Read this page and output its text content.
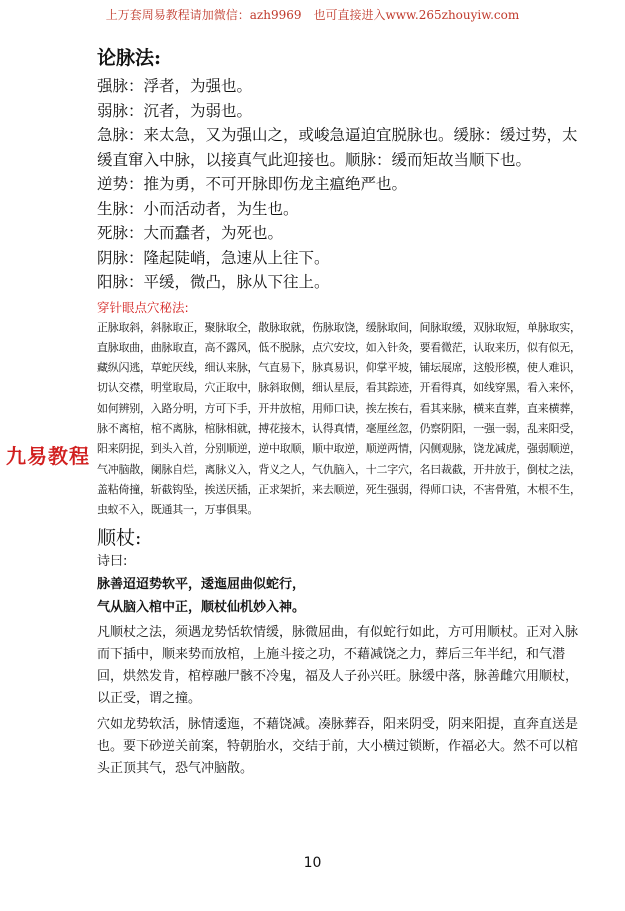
上万套周易教程请加微信：azh9969　也可直接进入www.265zhouyiw.com
论脉法:

强脉：浮者，为强也。

弱脉：沉者，为弱也。

急脉：来太急，又为强山之，或峻急逼迫宜脱脉也。缓脉：缓过势，太缓直窜入中脉，以接真气此迎接也。顺脉：缓而矩故当顺下也。

逆势：推为勇，不可开脉即伤龙主瘟绝严也。

生脉：小而活动者，为生也。

死脉：大而蠢者，为死也。

阴脉：隆起陡峭，急速从上往下。

阳脉：平缓，微凸，脉从下往上。

穿针眼点穴秘法:

正脉取斜，斜脉取正，聚脉取仝，散脉取就，伤脉取饶，缓脉取间，间脉取缓，双脉取短，单脉取实，直脉取曲，曲脉取直，高不露风，低不脱脉，点穴安坟，如入针灸，要看微茫，认取来历，似有似无，藏纵闪逃，草蛇厌线，细认来脉，气直易下，脉真易识，仰掌平坡，铺坛展席，这般形模，使人难识，切认交襟，明堂取局，穴正取中，脉斜取侧，细认星辰，看其踪迹，开看得真，如线穿黑，看入来怀，如何辨别，入路分明，方可下手，开井放棺，用师口诀，挨左挨右，看其来脉，横来直葬，直来横葬，脉不离棺，棺不离脉，棺脉相就，搏花接木，认得真情，毫厘丝忽，仍察阴阳，一强一弱，乱来阳受，阳来阴捉，到头入首，分别顺逆，逆中取顺，顺中取逆，顺逆两情，闪侧观脉，饶龙减虎，强弱顺逆，气冲脑散，阑脉自烂，离脉义入，背义之人，气仇脑入，十二字穴，名曰裁截，开井放于，倒杖之法，盖粘倚撞，斩截钩坠，挨送厌插，正求架折，来去顺逆，死生强弱，得师口诀，不害骨殖，木根不生，虫蚁不入，既通其一，万事俱果。

顺杖:

诗曰:

脉善迢迢势软平，逶迤屈曲似蛇行，

气从脑入棺中正，顺杖仙机妙入神。

凡顺杖之法，须遇龙势恬软情缓，脉微屈曲，有似蛇行如此，方可用顺杖。正对入脉而下插中，顺来势而放棺，上施斗接之功，不藉减饶之力，葬后三年半纪，和气潜回，烘然发肯，棺椁融尸骸不冷鬼，福及人子孙兴旺。脉缓中落，脉善雌穴用顺杖，以正受，谓之撞。

穴如龙势软活，脉情逶迤，不藉饶减。凑脉葬吞，阳来阴受，阴来阳提，直奔直送是也。要下砂逆关前案，特朝胎水，交结于前，大小横过锁断，作福必大。然不可以棺头正顶其气，恐气冲脑散。

九易教程
10
